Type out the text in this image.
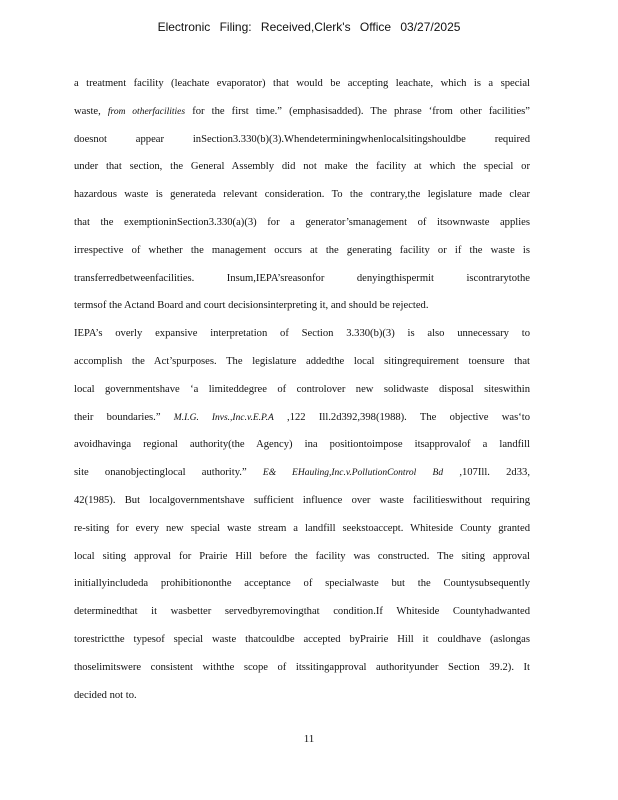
Electronic Filing: Received,Clerk's Office 03/27/2025
a treatment facility (leachate evaporator) that would be accepting leachate, which is a special
waste, from otherfacilities for the first time.” (emphasisadded). The phrase ‘from other facilities”
doesnot appear inSection3.330(b)(3).Whendeterminingwhenlocalsitingshouldbe required
under that section, the General Assembly did not make the facility at which the special or
hazardous waste is generateda relevant consideration. To the contrary,the legislature made clear
that the exemptioninSection3.330(a)(3) for a generator’smanagement of itsownwaste applies
irrespective of whether the management occurs at the generating facility or if the waste is
transferredbetweenfacilities. Insum,IEPA’sreasonfor denyingthispermit iscontrarytothe
termsof the Actand Board and court decisionsinterpreting it, and should be rejected.
IEPA’s overly expansive interpretation of Section 3.330(b)(3) is also unnecessary to
accomplish the Act’spurposes. The legislature addedthe local sitingrequirement toensure that
local governmentshave ‘a limiteddegree of controlover new solidwaste disposal siteswithin
their boundaries.” M.I.G. Invs.,Inc.v.E.P.A ,122 Ill.2d392,398(1988). The objective was‘to
avoidhavinga regional authority(the Agency) ina positiontoimpose itsapprovalof a landfill
site onanobjectinglocal authority.” E& EHauling,Inc.v.PollutionControl Bd ,107Ill. 2d33,
42(1985). But localgovernmentshave sufficient influence over waste facilitieswithout requiring
re-siting for every new special waste stream a landfill seekstoaccept. Whiteside County granted
local siting approval for Prairie Hill before the facility was constructed. The siting approval
initiallyincludeda prohibitiononthe acceptance of specialwaste but the Countysubsequently
determinedthat it wasbetter servedbyremovingthat condition.If Whiteside Countyhadwanted
torestrictthe typesof special waste thatcouldbe accepted byPrairie Hill it couldhave (aslongas
thoselimitswere consistent withthe scope of itssitingapproval authorityunder Section 39.2). It
decided not to.
11
